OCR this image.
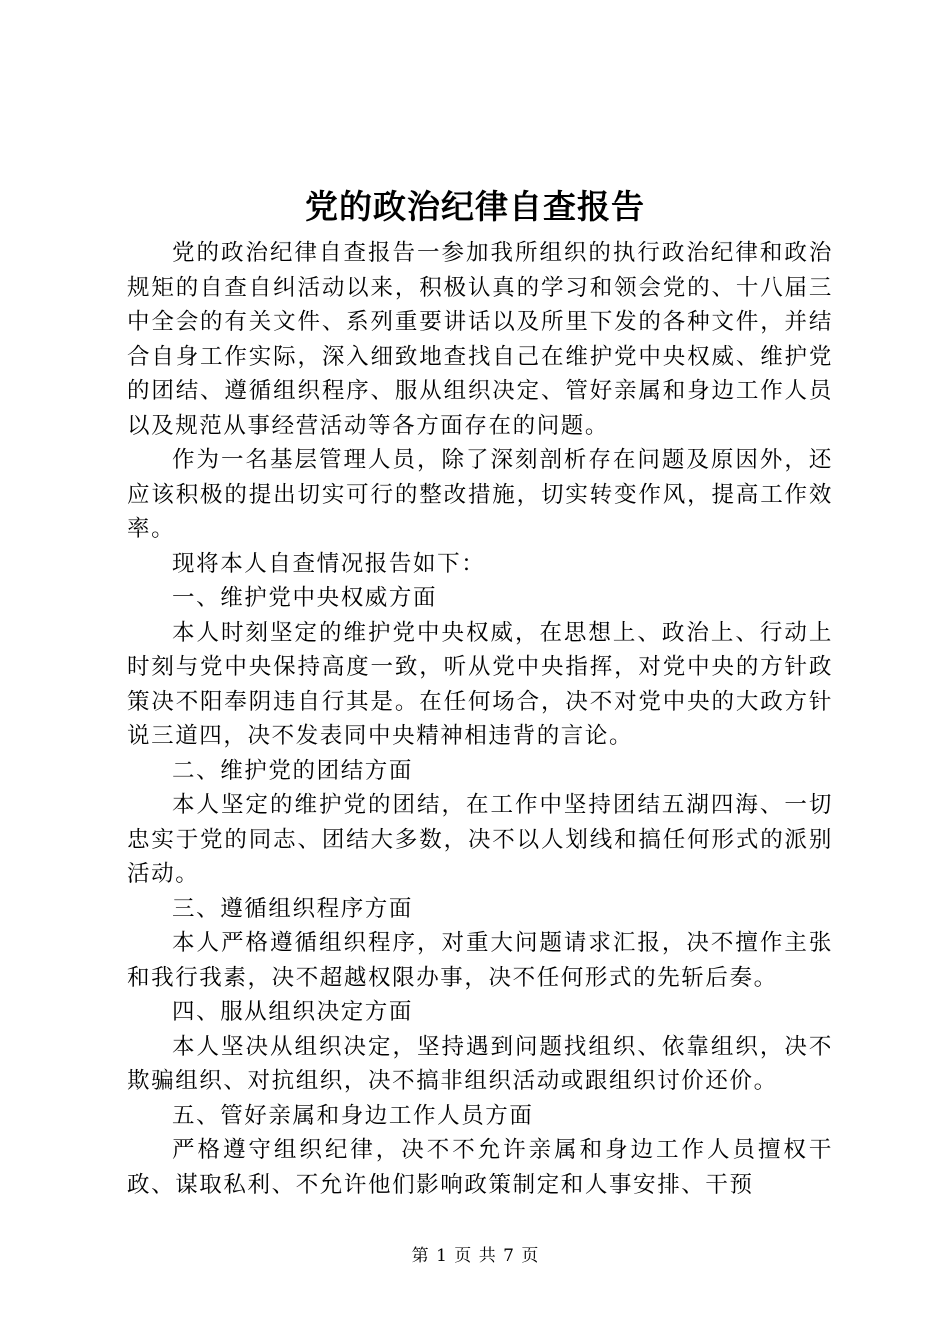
党的政治纪律自查报告

党的政治纪律自查报告一参加我所组织的执行政治纪律和政治规矩的自查自纠活动以来，积极认真的学习和领会党的、十八届三中全会的有关文件、系列重要讲话以及所里下发的各种文件，并结合自身工作实际，深入细致地查找自己在维护党中央权威、维护党的团结、遵循组织程序、服从组织决定、管好亲属和身边工作人员以及规范从事经营活动等各方面存在的问题。

作为一名基层管理人员，除了深刻剖析存在问题及原因外，还应该积极的提出切实可行的整改措施，切实转变作风，提高工作效率。

现将本人自查情况报告如下：

一、维护党中央权威方面

本人时刻坚定的维护党中央权威，在思想上、政治上、行动上时刻与党中央保持高度一致，听从党中央指挥，对党中央的方针政策决不阳奉阴违自行其是。在任何场合，决不对党中央的大政方针说三道四，决不发表同中央精神相违背的言论。

二、维护党的团结方面

本人坚定的维护党的团结，在工作中坚持团结五湖四海、一切忠实于党的同志、团结大多数，决不以人划线和搞任何形式的派别活动。

三、遵循组织程序方面

本人严格遵循组织程序，对重大问题请求汇报，决不擅作主张和我行我素，决不超越权限办事，决不任何形式的先斩后奏。

四、服从组织决定方面

本人坚决从组织决定，坚持遇到问题找组织、依靠组织，决不欺骗组织、对抗组织，决不搞非组织活动或跟组织讨价还价。

五、管好亲属和身边工作人员方面

严格遵守组织纪律，决不不允许亲属和身边工作人员擅权干政、谋取私利、不允许他们影响政策制定和人事安排、干预

第 1 页 共 7 页
